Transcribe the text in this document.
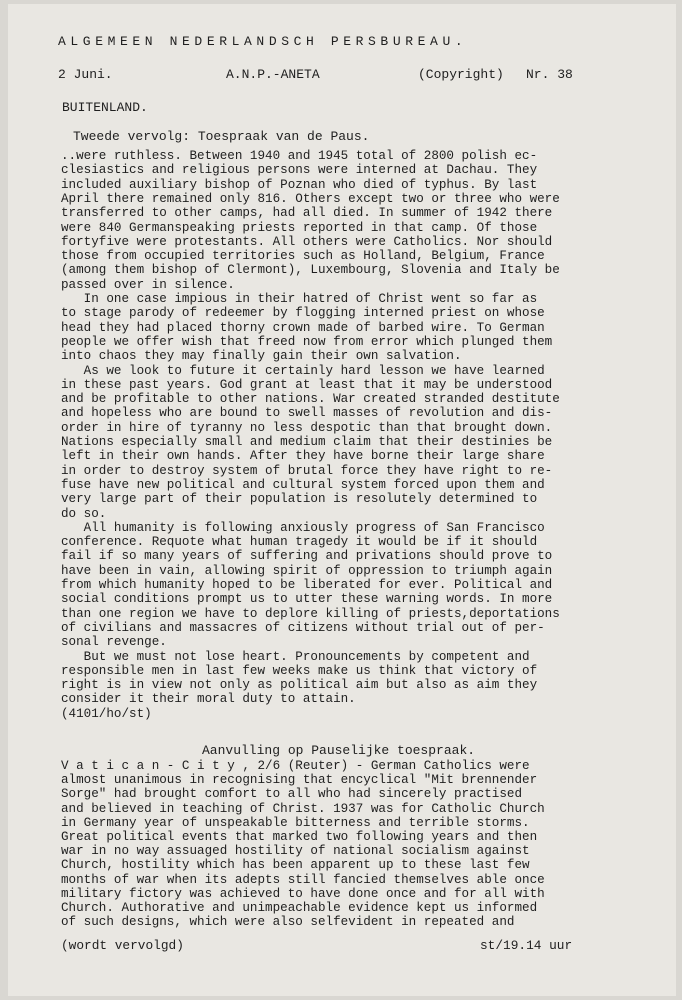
ALGEMEEN NEDERLANDSCH PERSBUREAU.
2 Juni.	A.N.P.-ANETA	(Copyright) Nr. 38
BUITENLAND.
Tweede vervolg: Toespraak van de Paus.
..were ruthless. Between 1940 and 1945 total of 2800 polish ec-
clesiastics and religious persons were interned at Dachau. They
included auxiliary bishop of Poznan who died of typhus. By last
April there remained only 816. Others except two or three who were
transferred to other camps, had all died. In summer of 1942 there
were 840 Germanspeaking priests reported in that camp. Of those
fortyfive were protestants. All others were Catholics. Nor should
those from occupied territories such as Holland, Belgium, France
(among them bishop of Clermont), Luxembourg, Slovenia and Italy be
passed over in silence.
In one case impious in their hatred of Christ went so far as
to stage parody of redeemer by flogging interned priest on whose
head they had placed thorny crown made of barbed wire. To German
people we offer wish that freed now from error which plunged them
into chaos they may finally gain their own salvation.
As we look to future it certainly hard lesson we have learned
in these past years. God grant at least that it may be understood
and be profitable to other nations. War created stranded destitute
and hopeless who are bound to swell masses of revolution and dis-
order in hire of tyranny no less despotic than that brought down.
Nations especially small and medium claim that their destinies be
left in their own hands. After they have borne their large share
in order to destroy system of brutal force they have right to re-
fuse have new political and cultural system forced upon them and
very large part of their population is resolutely determined to
do so.
All humanity is following anxiously progress of San Francisco
conference. Requote what human tragedy it would be if it should
fail if so many years of suffering and privations should prove to
have been in vain, allowing spirit of oppression to triumph again
from which humanity hoped to be liberated for ever. Political and
social conditions prompt us to utter these warning words. In more
than one region we have to deplore killing of priests,deportations
of civilians and massacres of citizens without trial out of per-
sonal revenge.
But we must not lose heart. Pronouncements by competent and
responsible men in last few weeks make us think that victory of
right is in view not only as political aim but also as aim they
consider it their moral duty to attain.
(4101/ho/st)
Aanvulling op Pauselijke toespraak.
V a t i c a n - C i t y , 2/6 (Reuter) - German Catholics were
almost unanimous in recognising that encyclical "Mit brennender
Sorge" had brought comfort to all who had sincerely practised
and believed in teaching of Christ. 1937 was for Catholic Church
in Germany year of unspeakable bitterness and terrible storms.
Great political events that marked two following years and then
war in no way assuaged hostility of national socialism against
Church, hostility which has been apparent up to these last few
months of war when its adepts still fancied themselves able once
military fictory was achieved to have done once and for all with
Church. Authorative and unimpeachable evidence kept us informed
of such designs, which were also selfevident in repeated and
(wordt vervolgd)	st/19.14 uur
